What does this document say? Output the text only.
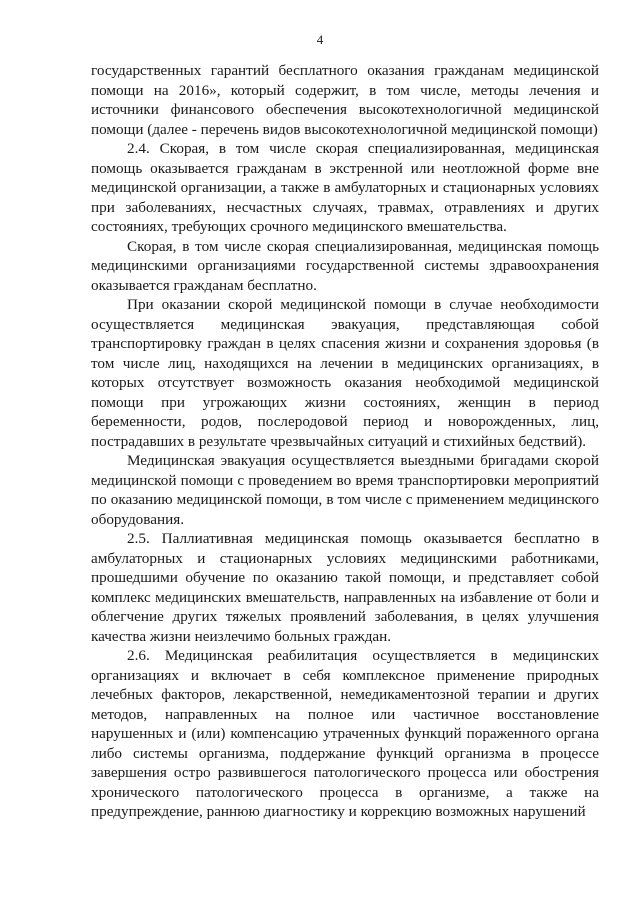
4

государственных гарантий бесплатного оказания гражданам медицинской помощи на 2016», который содержит, в том числе, методы лечения и источники финансового обеспечения высокотехнологичной медицинской помощи (далее - перечень видов высокотехнологичной медицинской помощи)

2.4. Скорая, в том числе скорая специализированная, медицинская помощь оказывается гражданам в экстренной или неотложной форме вне медицинской организации, а также в амбулаторных и стационарных условиях при заболеваниях, несчастных случаях, травмах, отравлениях и других состояниях, требующих срочного медицинского вмешательства.

Скорая, в том числе скорая специализированная, медицинская помощь медицинскими организациями государственной системы здравоохранения оказывается гражданам бесплатно.

При оказании скорой медицинской помощи в случае необходимости осуществляется медицинская эвакуация, представляющая собой транспортировку граждан в целях спасения жизни и сохранения здоровья (в том числе лиц, находящихся на лечении в медицинских организациях, в которых отсутствует возможность оказания необходимой медицинской помощи при угрожающих жизни состояниях, женщин в период беременности, родов, послеродовой период и новорожденных, лиц, пострадавших в результате чрезвычайных ситуаций и стихийных бедствий).

Медицинская эвакуация осуществляется выездными бригадами скорой медицинской помощи с проведением во время транспортировки мероприятий по оказанию медицинской помощи, в том числе с применением медицинского оборудования.

2.5. Паллиативная медицинская помощь оказывается бесплатно в амбулаторных и стационарных условиях медицинскими работниками, прошедшими обучение по оказанию такой помощи, и представляет собой комплекс медицинских вмешательств, направленных на избавление от боли и облегчение других тяжелых проявлений заболевания, в целях улучшения качества жизни неизлечимо больных граждан.

2.6. Медицинская реабилитация осуществляется в медицинских организациях и включает в себя комплексное применение природных лечебных факторов, лекарственной, немедикаментозной терапии и других методов, направленных на полное или частичное восстановление нарушенных и (или) компенсацию утраченных функций пораженного органа либо системы организма, поддержание функций организма в процессе завершения остро развившегося патологического процесса или обострения хронического патологического процесса в организме, а также на предупреждение, раннюю диагностику и коррекцию возможных нарушений
